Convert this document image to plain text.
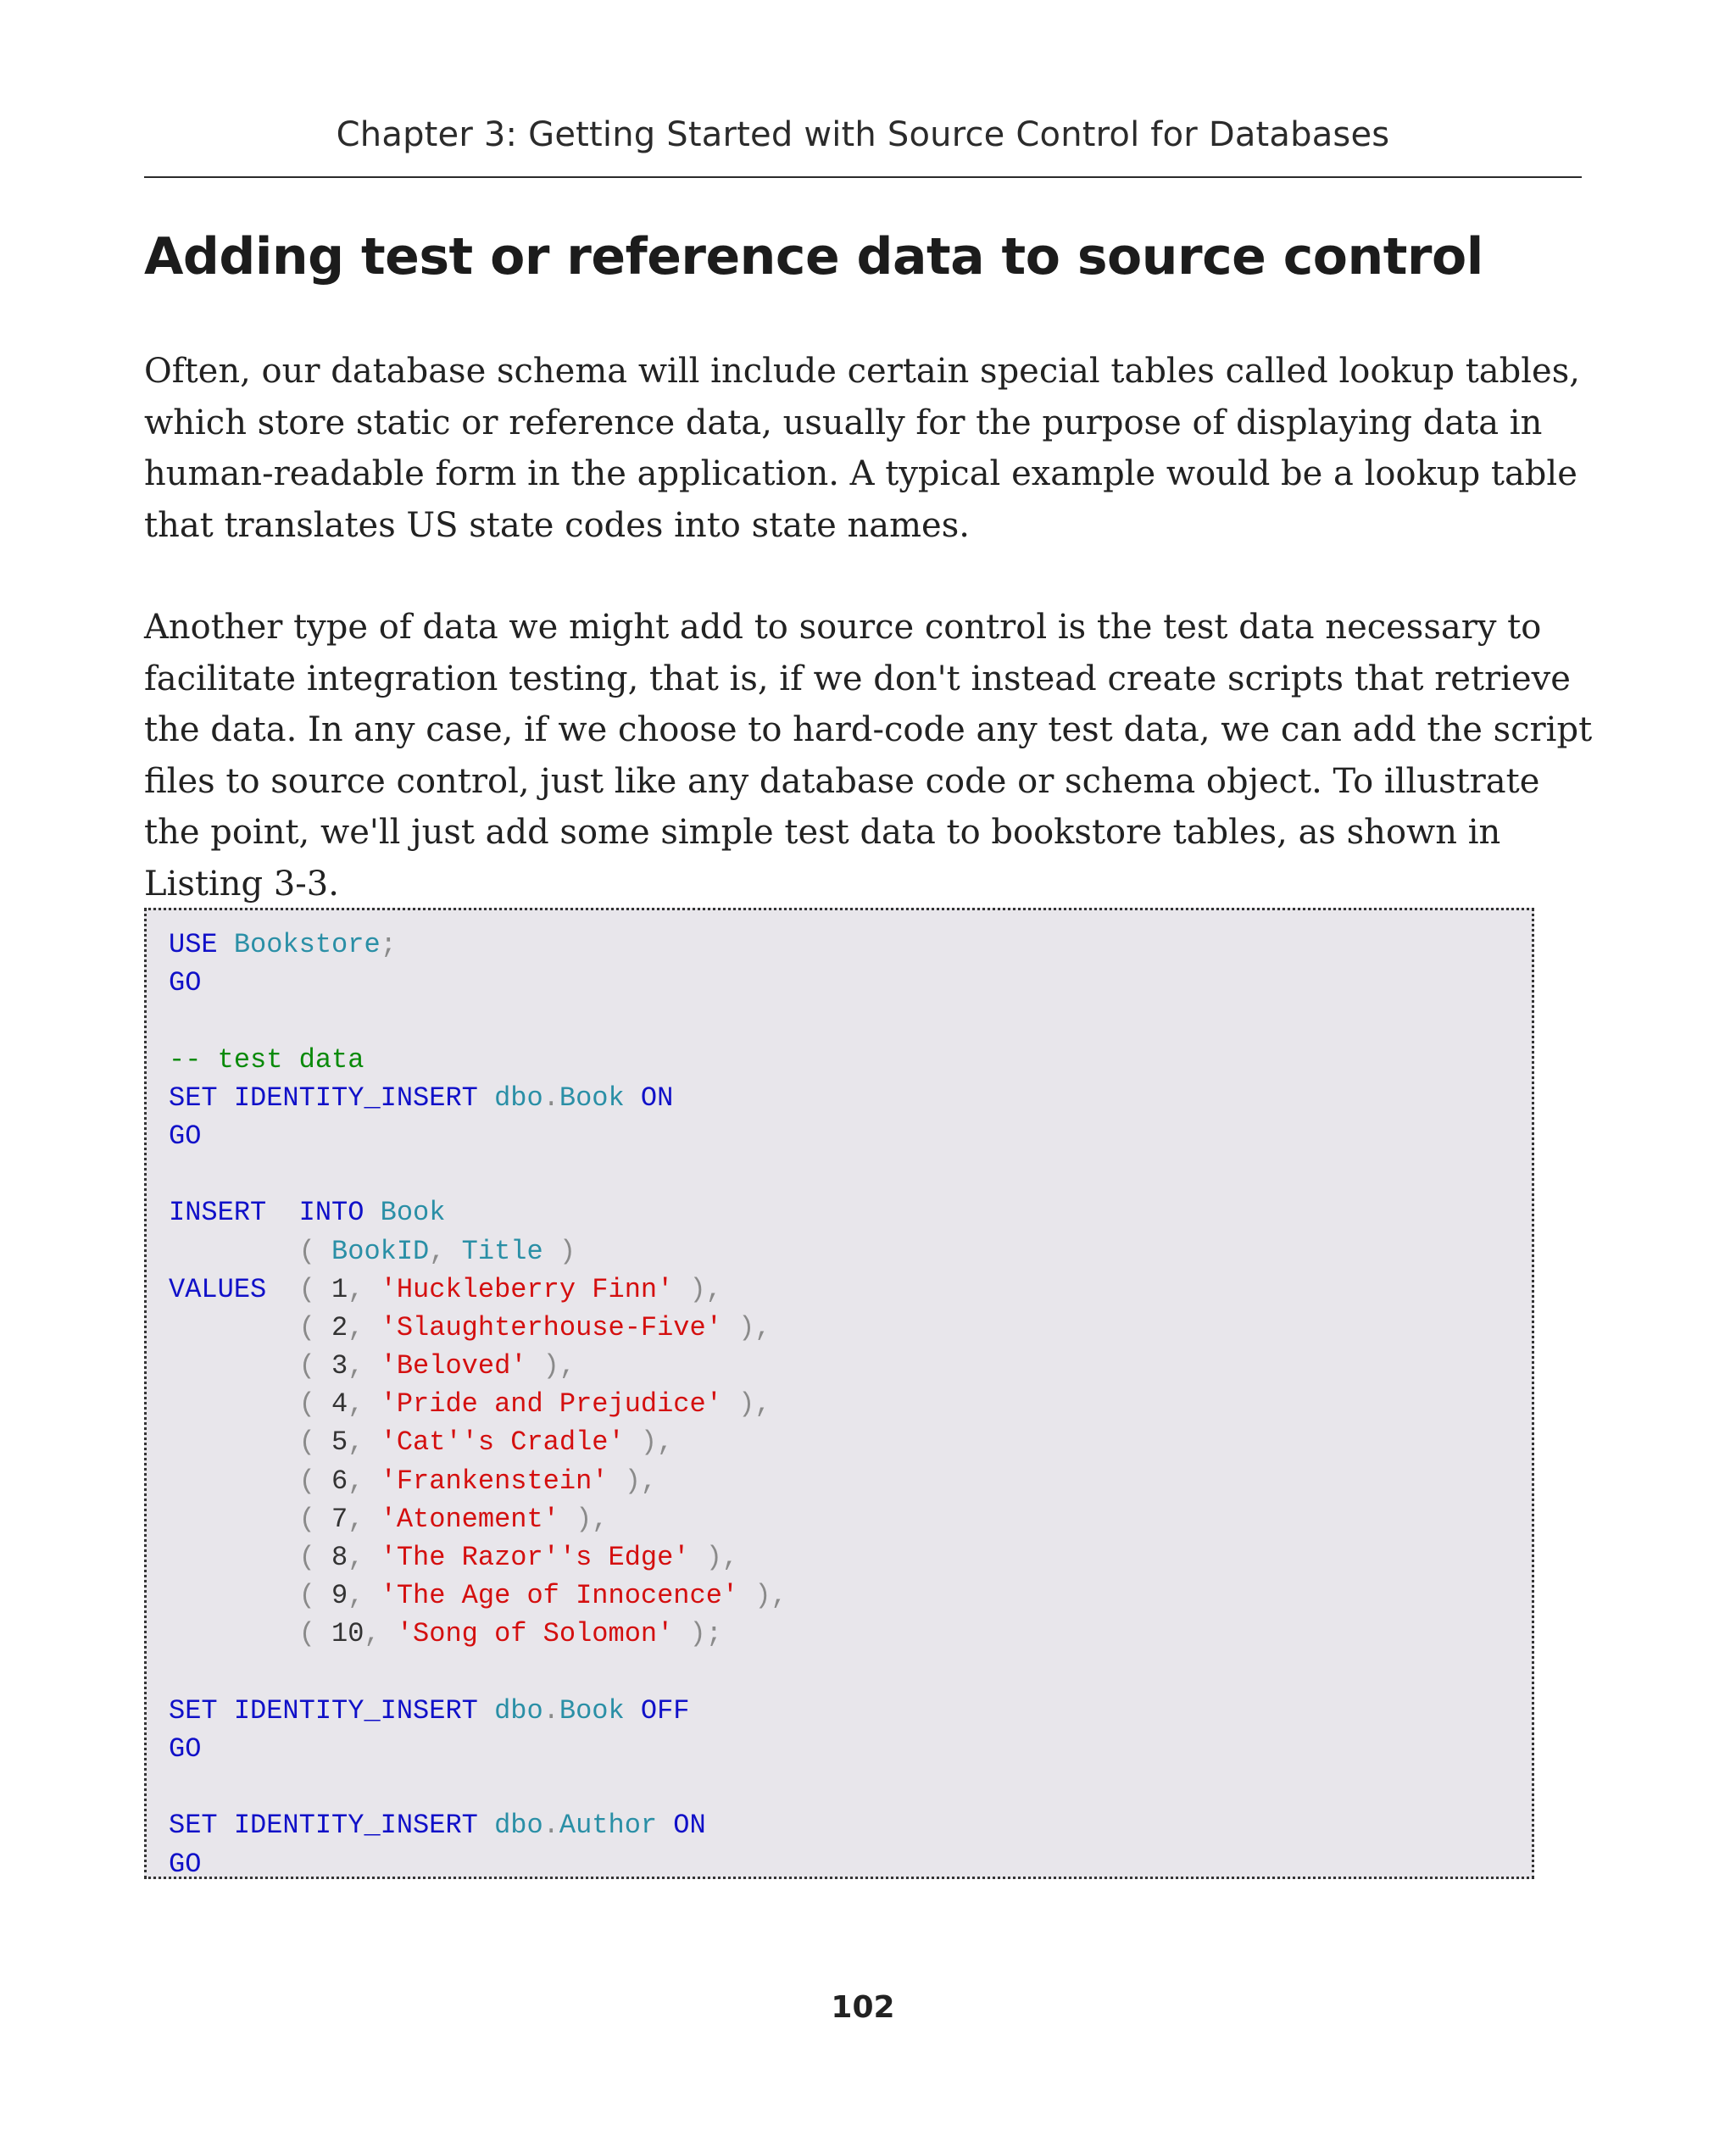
Chapter 3: Getting Started with Source Control for Databases
Adding test or reference data to source control

Often, our database schema will include certain special tables called lookup tables, which store static or reference data, usually for the purpose of displaying data in human-readable form in the application. A typical example would be a lookup table that translates US state codes into state names.

Another type of data we might add to source control is the test data necessary to facilitate integration testing, that is, if we don't instead create scripts that retrieve the data. In any case, if we choose to hard-code any test data, we can add the script files to source control, just like any database code or schema object. To illustrate the point, we'll just add some simple test data to bookstore tables, as shown in Listing 3-3.

USE Bookstore;
GO
-- test data
SET IDENTITY_INSERT dbo.Book ON
GO
INSERT INTO Book
( BookID, Title )
VALUES ( 1, 'Huckleberry Finn' ),
( 2, 'Slaughterhouse-Five' ),
( 3, 'Beloved' ),
( 4, 'Pride and Prejudice' ),
( 5, 'Cat''s Cradle' ),
( 6, 'Frankenstein' ),
( 7, 'Atonement' ),
( 8, 'The Razor''s Edge' ),
( 9, 'The Age of Innocence' ),
( 10, 'Song of Solomon' );
SET IDENTITY_INSERT dbo.Book OFF
GO
SET IDENTITY_INSERT dbo.Author ON
GO
102
